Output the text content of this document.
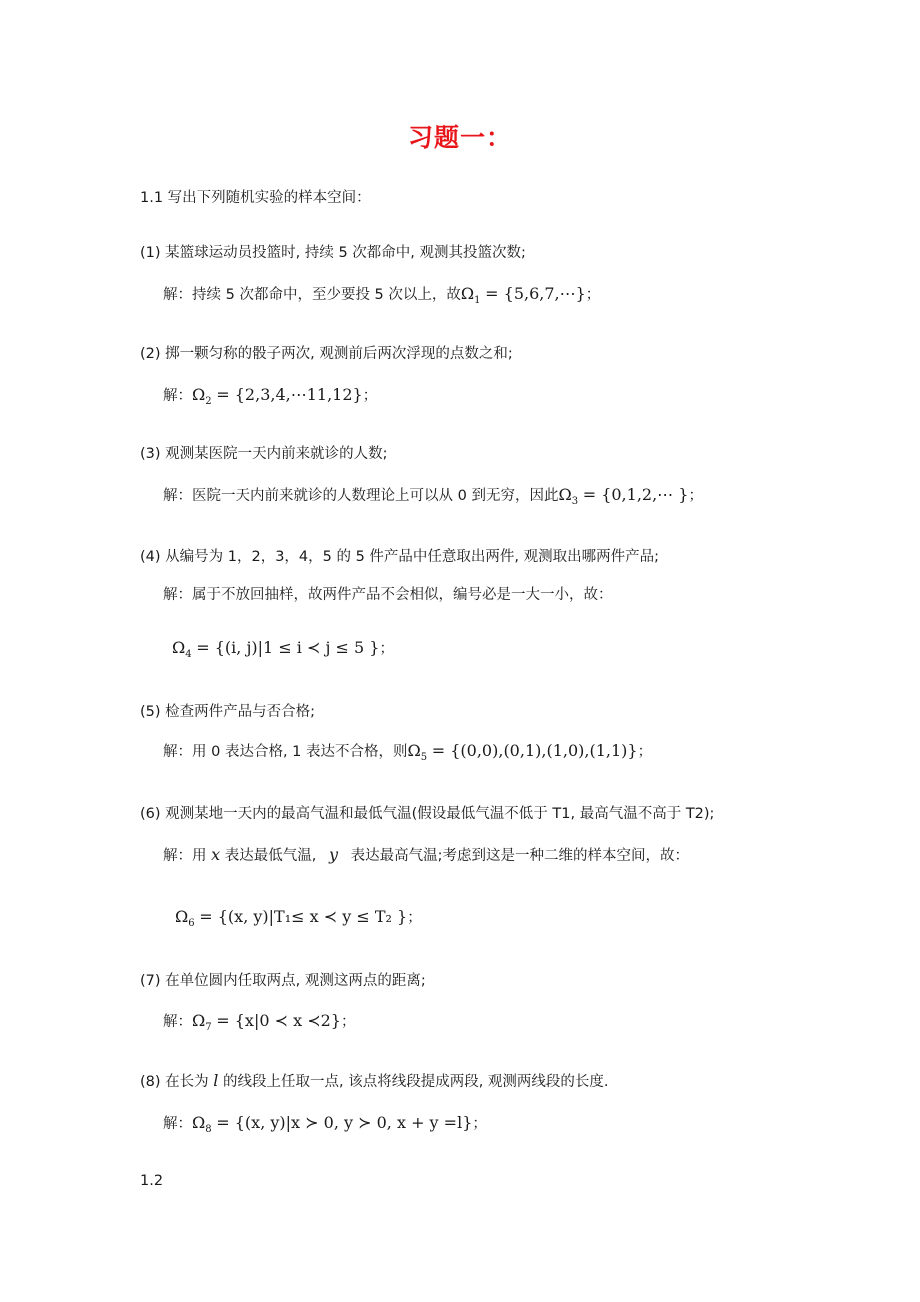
习题一：
1.1 写出下列随机实验的样本空间：
(1) 某篮球运动员投篮时, 持续 5 次都命中, 观测其投篮次数;
解：持续 5 次都命中，至少要投 5 次以上，故$\Omega_1$ = {5,6,7,⋯}；
(2) 掷一颗匀称的骰子两次, 观测前后两次浮现的点数之和;
解：$\Omega_2$ = {2,3,4,⋯11,12}；
(3) 观测某医院一天内前来就诊的人数;
解：医院一天内前来就诊的人数理论上可以从 0 到无穷，因此$\Omega_3$ = {0,1,2,⋯ }；
(4) 从编号为 1，2，3，4，5 的 5 件产品中任意取出两件, 观测取出哪两件产品;
解：属于不放回抽样，故两件产品不会相似，编号必是一大一小，故：
$\Omega_4 = \{(i$, j)|1 ≤ i ≺ j ≤ 5 }；
(5) 检查两件产品与否合格;
解：用 0 表达合格, 1 表达不合格，则$\Omega_5 = \{(0,0),(0,1),(1,0),(1,1)\}$；
(6) 观测某地一天内的最高气温和最低气温(假设最低气温不低于 T1, 最高气温不高于 T2);
解：用 x 表达最低气温, y 表达最高气温;考虑到这是一种二维的样本空间，故：
$\Omega_6 = \{(x$, y)|T₁≤ x ≺ y ≤ T₂ }；
(7) 在单位圆内任取两点, 观测这两点的距离;
解：$\Omega_7 = \{x|0$ ≺ x ≺2}；
(8) 在长为 l 的线段上任取一点, 该点将线段提成两段, 观测两线段的长度.
解：$\Omega_8 = \{(x$, y)|x ≻ 0, y ≻ 0, x + y =l}；
1.2
